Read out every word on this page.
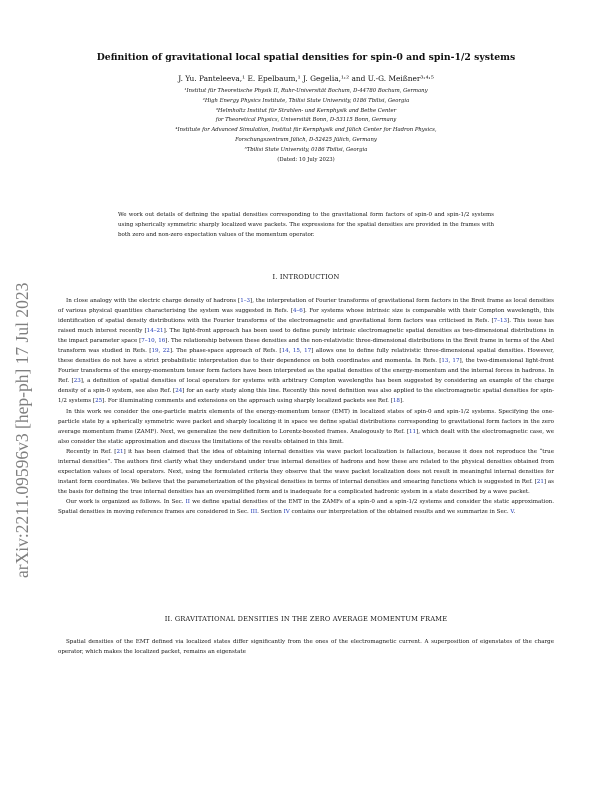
arXiv:2211.09596v3 [hep-ph] 17 Jul 2023
Definition of gravitational local spatial densities for spin-0 and spin-1/2 systems
J. Yu. Panteleeva,¹ E. Epelbaum,¹ J. Gegelia,¹˒² and U.-G. Meißner³˒⁴˒⁵
¹Institut für Theoretische Physik II, Ruhr-Universität Bochum, D-44780 Bochum, Germany
²High Energy Physics Institute, Tbilisi State University, 0186 Tbilisi, Georgia
³Helmholtz Institut für Strahlen- und Kernphysik and Bethe Center
for Theoretical Physics, Universität Bonn, D-53115 Bonn, Germany
⁴Institute for Advanced Simulation, Institut für Kernphysik and Jülich Center for Hadron Physics,
Forschungszentrum Jülich, D-52425 Jülich, Germany
⁵Tbilisi State University, 0186 Tbilisi, Georgia
(Dated: 10 July 2023)
We work out details of defining the spatial densities corresponding to the gravitational form factors of spin-0 and spin-1/2 systems using spherically symmetric sharply localized wave packets. The expressions for the spatial densities are provided in the frames with both zero and non-zero expectation values of the momentum operator.
I. INTRODUCTION

In close analogy with the electric charge density of hadrons [1–3], the interpretation of Fourier transforms of gravitational form factors in the Breit frame as local densities of various physical quantities characterising the system was suggested in Refs. [4–6]. For systems whose intrinsic size is comparable with their Compton wavelength, this identification of spatial density distributions with the Fourier transforms of the electromagnetic and gravitational form factors was criticised in Refs. [7–13]. This issue has raised much interest recently [14–21]. The light-front approach has been used to define purely intrinsic electromagnetic spatial densities as two-dimensional distributions in the impact parameter space [7–10, 16]. The relationship between these densities and the non-relativistic three-dimensional distributions in the Breit frame in terms of the Abel transform was studied in Refs. [19, 22]. The phase-space approach of Refs. [14, 15, 17] allows one to define fully relativistic three-dimensional spatial densities. However, these densities do not have a strict probabilistic interpretation due to their dependence on both coordinates and momenta. In Refs. [13, 17], the two-dimensional light-front Fourier transforms of the energy-momentum tensor form factors have been interpreted as the spatial densities of the energy-momentum and the internal forces in hadrons. In Ref. [23], a definition of spatial densities of local operators for systems with arbitrary Compton wavelengths has been suggested by considering an example of the charge density of a spin-0 system, see also Ref. [24] for an early study along this line. Recently this novel definition was also applied to the electromagnetic spatial densities for spin-1/2 systems [25]. For illuminating comments and extensions on the approach using sharply localized packets see Ref. [18].

In this work we consider the one-particle matrix elements of the energy-momentum tensor (EMT) in localized states of spin-0 and spin-1/2 systems. Specifying the one-particle state by a spherically symmetric wave packet and sharply localizing it in space we define spatial distributions corresponding to gravitational form factors in the zero average momentum frame (ZAMF). Next, we generalize the new definition to Lorentz-boosted frames. Analogously to Ref. [11], which dealt with the electromagnetic case, we also consider the static approximation and discuss the limitations of the results obtained in this limit.

Recently in Ref. [21] it has been claimed that the idea of obtaining internal densities via wave packet localization is fallacious, because it does not reproduce the “true internal densities”. The authors first clarify what they understand under true internal densities of hadrons and how these are related to the physical densities obtained from expectation values of local operators. Next, using the formulated criteria they observe that the wave packet localization does not result in meaningful internal densities for instant form coordinates. We believe that the parameterization of the physical densities in terms of internal densities and smearing functions which is suggested in Ref. [21] as the basis for defining the true internal densities has an oversimplified form and is inadequate for a complicated hadronic system in a state described by a wave packet.

Our work is organized as follows. In Sec. II we define spatial densities of the EMT in the ZAMFs of a spin-0 and a spin-1/2 systems and consider the static approximation. Spatial densities in moving reference frames are considered in Sec. III. Section IV contains our interpretation of the obtained results and we summarize in Sec. V.

II. GRAVITATIONAL DENSITIES IN THE ZERO AVERAGE MOMENTUM FRAME

Spatial densities of the EMT defined via localized states differ significantly from the ones of the electromagnetic current. A superposition of eigenstates of the charge operator, which makes the localized packet, remains an eigenstate
